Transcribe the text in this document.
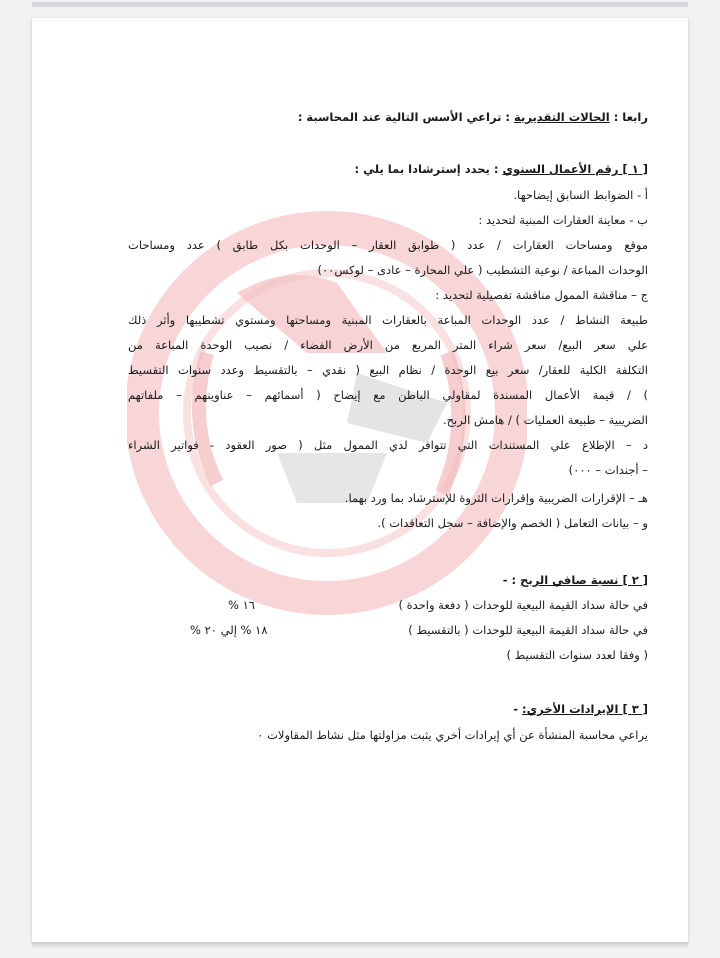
رابعا : الحالات التقديرية : تراعي الأسس التالية عند المحاسبة :
[ ١ ] رقم الأعمال السنوي : يحدد إسترشادا بما يلي :
أ - الضوابط السابق إيضاحها.
ب - معاينة العقارات المبنية لتحديد :
موقع ومساحات العقارات / عدد ( طوابق العقار – الوحدات بكل طابق ) عدد ومساحات
الوحدات المباعة / نوعية التشطيب ( علي المحارة – عادى – لوكس٠٠)
ج – مناقشة الممول مناقشة تفصيلية لتحديد :
طبيعة النشاط / عدد الوحدات المباعة بالعقارات المبنية ومساحتها ومستوي تشطيبها وأثر ذلك
علي سعر البيع/ سعر شراء المتر المربع من الأرض الفضاء / نصيب الوحدة المباعة من
التكلفة الكلية للعقار/ سعر بيع الوحدة / نظام البيع ( نقدي – بالتقسيط وعدد سنوات التقسيط
) / قيمة الأعمال المسندة لمقاولي الباطن مع إيضاح ( أسمائهم – عناوينهم – ملفاتهم
الضريبية – طبيعة العمليات ) / هامش الربح.
د – الإطلاع علي المستندات التي تتوافر لدي الممول مثل ( صور العقود - فواتير الشراء
– أجندات – ٠٠٠)
هـ – الإقرارات الضريبية وإقرارات الثروة للإسترشاد بما ورد بهما.
و – بيانات التعامل ( الخصم والإضافة – سجل التعاقدات ).
[ ٢ ] نسبة صافي الربح : -
في حالة سداد القيمة البيعية للوحدات ( دفعة واحدة )
١٦ %
في حالة سداد القيمة البيعية للوحدات ( بالتقسيط )
١٨ % إلي ٢٠ %
( وفقا لعدد سنوات التقسيط )
[ ٣ ] الإيرادات الأخري: -
يراعي محاسبة المنشأة عن أي إيرادات أخري يثبت مزاولتها مثل نشاط المقاولات ٠
